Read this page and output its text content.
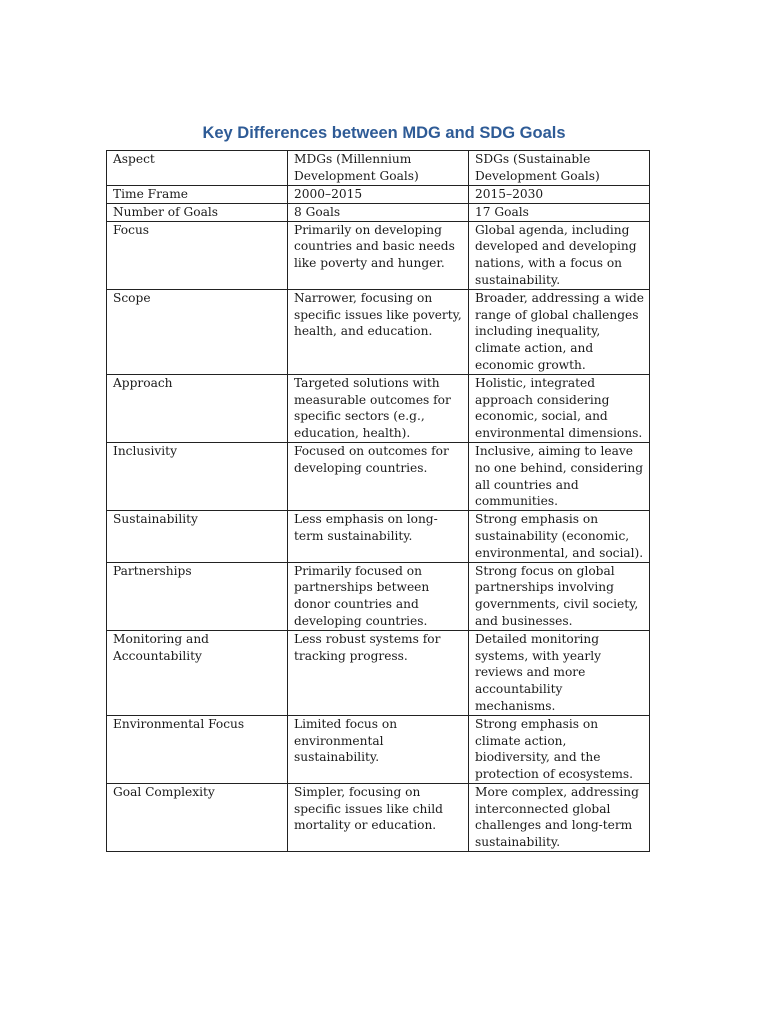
Key Differences between MDG and SDG Goals
Aspect	MDGs (Millennium Development Goals)	SDGs (Sustainable Development Goals)
Time Frame	2000–2015	2015–2030
Number of Goals	8 Goals	17 Goals
Focus	Primarily on developing countries and basic needs like poverty and hunger.	Global agenda, including developed and developing nations, with a focus on sustainability.
Scope	Narrower, focusing on specific issues like poverty, health, and education.	Broader, addressing a wide range of global challenges including inequality, climate action, and economic growth.
Approach	Targeted solutions with measurable outcomes for specific sectors (e.g., education, health).	Holistic, integrated approach considering economic, social, and environmental dimensions.
Inclusivity	Focused on outcomes for developing countries.	Inclusive, aiming to leave no one behind, considering all countries and communities.
Sustainability	Less emphasis on long-term sustainability.	Strong emphasis on sustainability (economic, environmental, and social).
Partnerships	Primarily focused on partnerships between donor countries and developing countries.	Strong focus on global partnerships involving governments, civil society, and businesses.
Monitoring and Accountability	Less robust systems for tracking progress.	Detailed monitoring systems, with yearly reviews and more accountability mechanisms.
Environmental Focus	Limited focus on environmental sustainability.	Strong emphasis on climate action, biodiversity, and the protection of ecosystems.
Goal Complexity	Simpler, focusing on specific issues like child mortality or education.	More complex, addressing interconnected global challenges and long-term sustainability.
